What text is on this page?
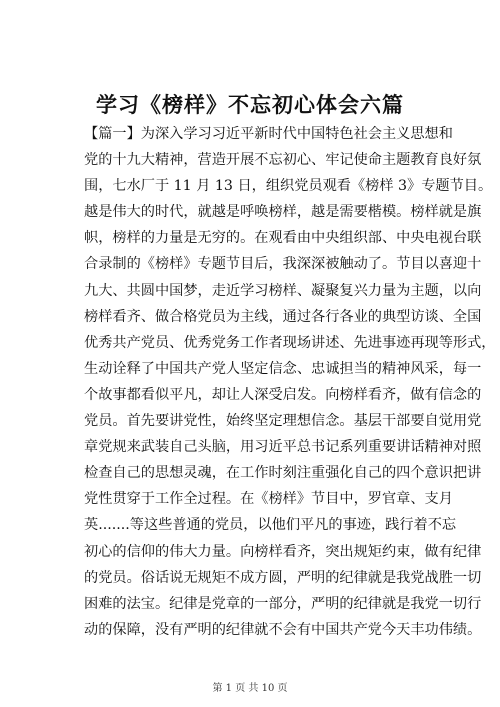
学习《榜样》不忘初心体会六篇
【篇一】为深入学习习近平新时代中国特色社会主义思想和
党的十九大精神，营造开展不忘初心、牢记使命主题教育良好氛
围，七水厂于 11 月 13 日，组织党员观看《榜样 3》专题节目。
越是伟大的时代，就越是呼唤榜样，越是需要楷模。榜样就是旗
帜，榜样的力量是无穷的。在观看由中央组织部、中央电视台联
合录制的《榜样》专题节目后，我深深被触动了。节目以喜迎十
九大、共圆中国梦，走近学习榜样、凝聚复兴力量为主题，以向
榜样看齐、做合格党员为主线，通过各行各业的典型访谈、全国
优秀共产党员、优秀党务工作者现场讲述、先进事迹再现等形式，
生动诠释了中国共产党人坚定信念、忠诚担当的精神风采，每一
个故事都看似平凡，却让人深受启发。向榜样看齐，做有信念的
党员。首先要讲党性，始终坚定理想信念。基层干部要自觉用党
章党规来武装自己头脑，用习近平总书记系列重要讲话精神对照
检查自己的思想灵魂，在工作时刻注重强化自己的四个意识把讲
党性贯穿于工作全过程。在《榜样》节目中，罗官章、支月
英.......等这些普通的党员，以他们平凡的事迹，践行着不忘
初心的信仰的伟大力量。向榜样看齐，突出规矩约束，做有纪律
的党员。俗话说无规矩不成方圆，严明的纪律就是我党战胜一切
困难的法宝。纪律是党章的一部分，严明的纪律就是我党一切行
动的保障，没有严明的纪律就不会有中国共产党今天丰功伟绩。
第 1 页 共 10 页
